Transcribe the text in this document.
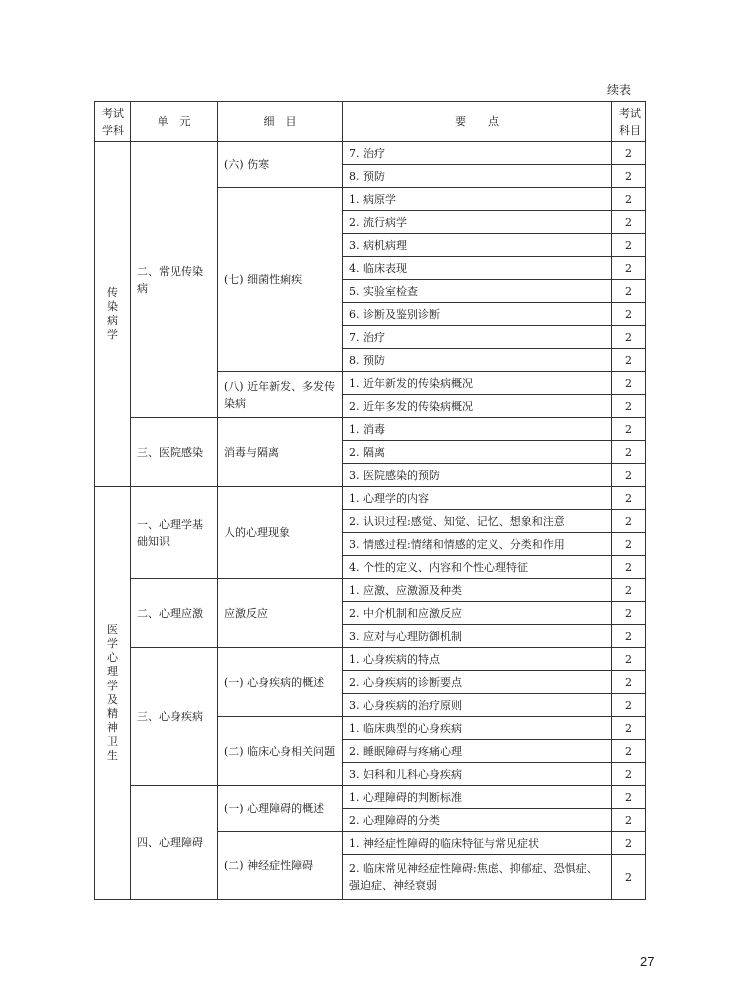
续表
考试学科	单　元	细　目	要　　点	考试科目

传染病学	二、常见传染病	(六) 伤寒	7. 治疗	2
			8. 预防	2
		(七) 细菌性痢疾	1. 病原学	2
			2. 流行病学	2
			3. 病机病理	2
			4. 临床表现	2
			5. 实验室检查	2
			6. 诊断及鉴别诊断	2
			7. 治疗	2
			8. 预防	2
		(八) 近年新发、多发传染病	1. 近年新发的传染病概况	2
			2. 近年多发的传染病概况	2
	三、医院感染	消毒与隔离	1. 消毒	2
			2. 隔离	2
			3. 医院感染的预防	2

医学心理学及精神卫生	一、心理学基础知识	人的心理现象	1. 心理学的内容	2
			2. 认识过程:感觉、知觉、记忆、想象和注意	2
			3. 情感过程:情绪和情感的定义、分类和作用	2
			4. 个性的定义、内容和个性心理特征	2
	二、心理应激	应激反应	1. 应激、应激源及种类	2
			2. 中介机制和应激反应	2
			3. 应对与心理防御机制	2
	三、心身疾病	(一) 心身疾病的概述	1. 心身疾病的特点	2
			2. 心身疾病的诊断要点	2
			3. 心身疾病的治疗原则	2
		(二) 临床心身相关问题	1. 临床典型的心身疾病	2
			2. 睡眠障碍与疼痛心理	2
			3. 妇科和儿科心身疾病	2
	四、心理障碍	(一) 心理障碍的概述	1. 心理障碍的判断标准	2
			2. 心理障碍的分类	2
		(二) 神经症性障碍	1. 神经症性障碍的临床特征与常见症状	2
			2. 临床常见神经症性障碍:焦虑、抑郁症、恐惧症、强迫症、神经衰弱	2
27
